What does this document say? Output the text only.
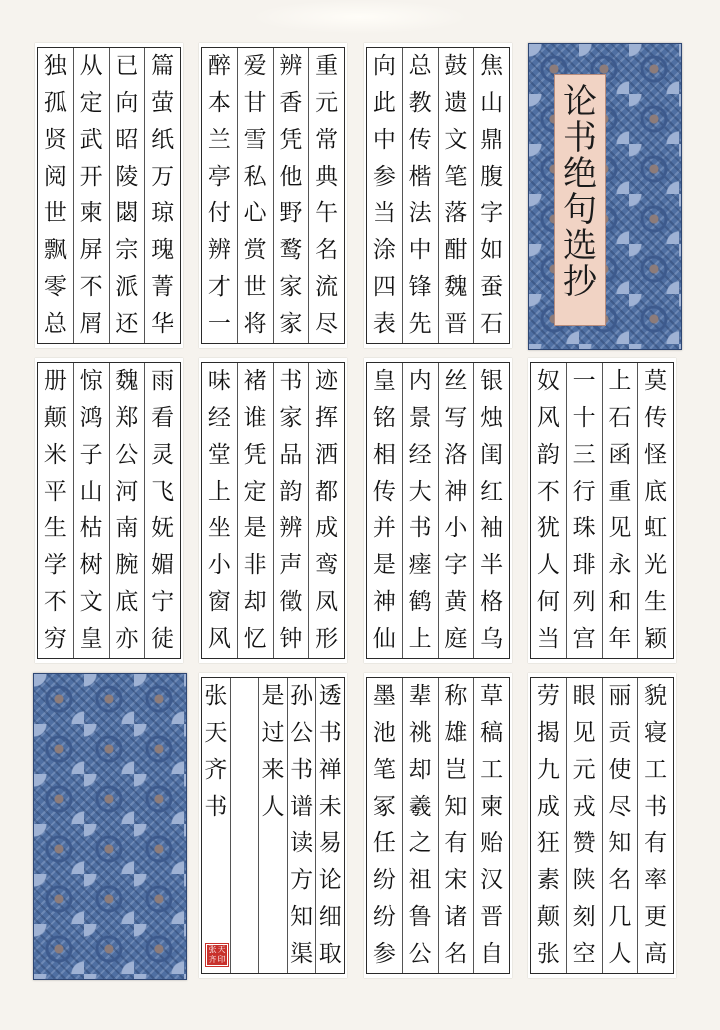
篇
萤
纸
万
琼
瑰
菁
华
已
向
昭
陵
閟
宗
派
还
从
定
武
开
柬
屏
不
屑
独
孤
贤
阅
世
飘
零
总
重
元
常
典
午
名
流
尽
辨
香
凭
他
野
鹜
家
家
爱
甘
雪
私
心
赏
世
将
醉
本
兰
亭
付
辨
才
一
焦
山
鼎
腹
字
如
蚕
石
鼓
遗
文
笔
落
酣
魏
晋
总
教
传
楷
法
中
锋
先
向
此
中
参
当
涂
四
表
论
书
绝
句
选
抄
雨
看
灵
飞
妩
媚
宁
徒
魏
郑
公
河
南
腕
底
亦
惊
鸿
子
山
枯
树
文
皇
册
颠
米
平
生
学
不
穷
迹
挥
洒
都
成
鸾
凤
形
书
家
品
韵
辨
声
徵
钟
褚
谁
凭
定
是
非
却
忆
味
经
堂
上
坐
小
窗
风
银
烛
闺
红
袖
半
格
乌
丝
写
洛
神
小
字
黄
庭
内
景
经
大
书
瘗
鹤
上
皇
铭
相
传
并
是
神
仙
莫
传
怪
底
虹
光
生
颖
上
石
函
重
见
永
和
年
一
十
三
行
珠
琲
列
宫
奴
风
韵
不
犹
人
何
当
透
书
禅
未
易
论
细
取
孙
公
书
谱
读
方
知
渠
是
过
来
人
张
天
齐
书
张 天
齐 印
草
稿
工
柬
贻
汉
晋
自
称
雄
岂
知
有
宋
诸
名
辈
祧
却
羲
之
祖
鲁
公
墨
池
笔
冢
任
纷
纷
参
貌
寝
工
书
有
率
更
高
丽
贡
使
尽
知
名
几
人
眼
见
元
戎
赞
陕
刻
空
劳
揭
九
成
狂
素
颠
张
